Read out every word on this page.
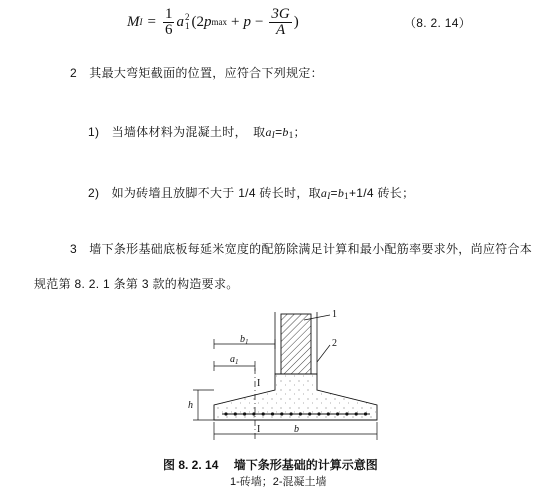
M $I = \frac{1}{6}$ a 2
1 (2 p $\max + p - \frac{3G}{A}$ )	（8. 2. 14）
2　其最大弯矩截面的位置，应符合下列规定：
1)　当墙体材料为混凝土时，　取aI=b1；
2)　如为砖墙且放脚不大于 1/4 砖长时，取aI=b1+1/4 砖长；
3　墙下条形基础底板每延米宽度的配筋除满足计算和最小配筋率要求外，尚应符合本
规范第 8. 2. 1 条第 3 款的构造要求。
$b_1$
$a_1$
I
I
h
b
1
2
图 8. 2. 14　 墙下条形基础的计算示意图
1-砖墙；2-混凝土墙
